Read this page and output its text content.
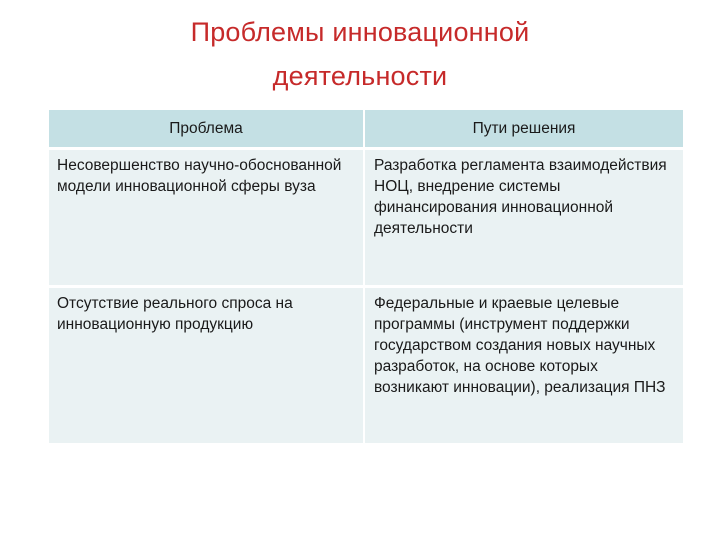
Проблемы инновационной
деятельности
Проблема	Пути решения
Несовершенство научно-обоснованной модели инновационной сферы вуза	Разработка регламента взаимодействия НОЦ, внедрение системы финансирования инновационной деятельности
Отсутствие реального спроса на инновационную продукцию	Федеральные и краевые целевые программы (инструмент поддержки государством создания новых научных разработок, на основе которых возникают инновации), реализация ПНЗ
